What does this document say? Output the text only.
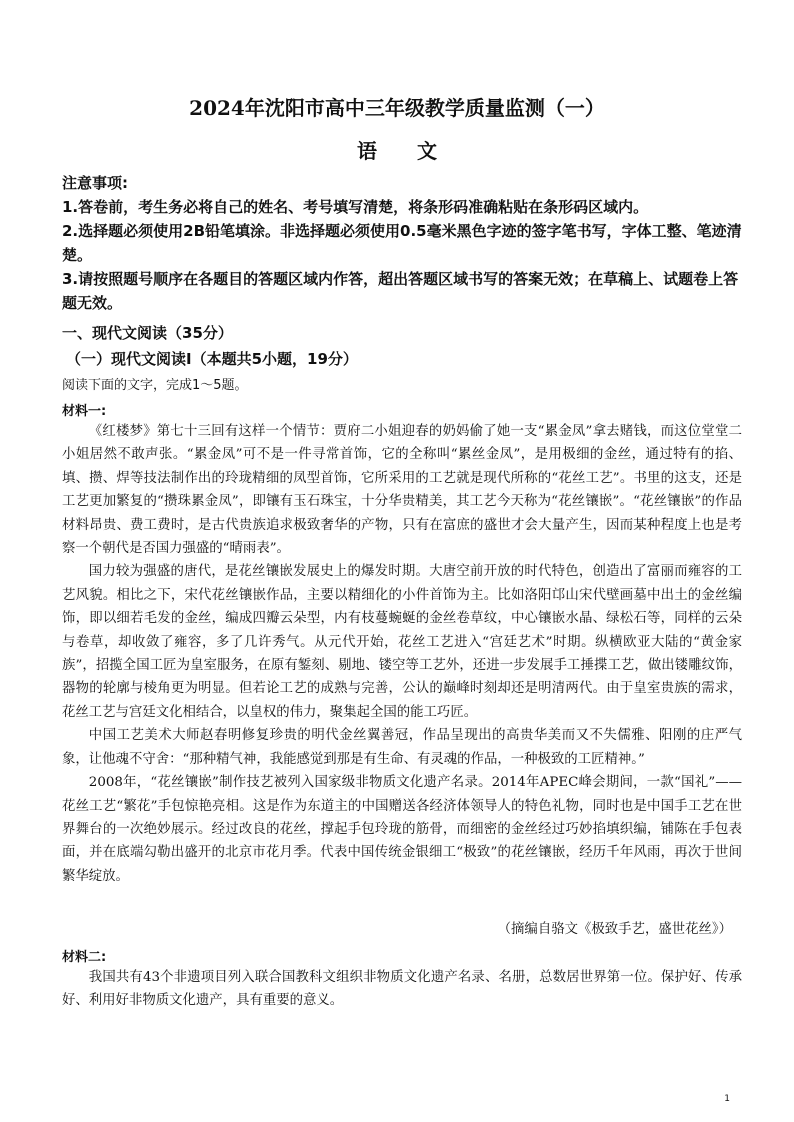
2024年沈阳市高中三年级教学质量监测（一）
语　　文
注意事项:
1.答卷前，考生务必将自己的姓名、考号填写清楚，将条形码准确粘贴在条形码区域内。
2.选择题必须使用2B铅笔填涂。非选择题必须使用0.5毫米黑色字迹的签字笔书写，字体工整、笔迹清楚。
3.请按照题号顺序在各题目的答题区域内作答，超出答题区域书写的答案无效；在草稿上、试题卷上答题无效。
一、现代文阅读（35分）
（一）现代文阅读Ⅰ（本题共5小题，19分）
阅读下面的文字，完成1～5题。
材料一:

《红楼梦》第七十三回有这样一个情节：贾府二小姐迎春的奶妈偷了她一支“累金凤”拿去赌钱，而这位堂堂二小姐居然不敢声张。“累金凤”可不是一件寻常首饰，它的全称叫“累丝金凤”，是用极细的金丝，通过特有的掐、填、攒、焊等技法制作出的玲珑精细的凤型首饰，它所采用的工艺就是现代所称的“花丝工艺”。书里的这支，还是工艺更加繁复的“攒珠累金凤”，即镶有玉石珠宝，十分华贵精美，其工艺今天称为“花丝镶嵌”。“花丝镶嵌”的作品材料昂贵、费工费时，是古代贵族追求极致奢华的产物，只有在富庶的盛世才会大量产生，因而某种程度上也是考察一个朝代是否国力强盛的“晴雨表”。

国力较为强盛的唐代，是花丝镶嵌发展史上的爆发时期。大唐空前开放的时代特色，创造出了富丽而雍容的工艺风貌。相比之下，宋代花丝镶嵌作品，主要以精细化的小件首饰为主。比如洛阳邙山宋代壁画墓中出土的金丝编饰，即以细若毛发的金丝，编成四瓣云朵型，内有枝蔓蜿蜒的金丝卷草纹，中心镶嵌水晶、绿松石等，同样的云朵与卷草，却收敛了雍容，多了几许秀气。从元代开始，花丝工艺进入“宫廷艺术”时期。纵横欧亚大陆的“黄金家族”，招揽全国工匠为皇室服务，在原有錾刻、剔地、镂空等工艺外，还进一步发展手工捶揲工艺，做出镂雕纹饰，器物的轮廓与棱角更为明显。但若论工艺的成熟与完善，公认的巅峰时刻却还是明清两代。由于皇室贵族的需求，花丝工艺与宫廷文化相结合，以皇权的伟力，聚集起全国的能工巧匠。

中国工艺美术大师赵春明修复珍贵的明代金丝翼善冠，作品呈现出的高贵华美而又不失儒雅、阳刚的庄严气象，让他魂不守舍：“那种精气神，我能感觉到那是有生命、有灵魂的作品，一种极致的工匠精神。”

2008年，“花丝镶嵌”制作技艺被列入国家级非物质文化遗产名录。2014年APEC峰会期间，一款“国礼”——花丝工艺“繁花”手包惊艳亮相。这是作为东道主的中国赠送各经济体领导人的特色礼物，同时也是中国手工艺在世界舞台的一次绝妙展示。经过改良的花丝，撑起手包玲珑的筋骨，而细密的金丝经过巧妙掐填织编，铺陈在手包表面，并在底端勾勒出盛开的北京市花月季。代表中国传统金银细工“极致”的花丝镶嵌，经历千年风雨，再次于世间繁华绽放。

（摘编自骆文《极致手艺，盛世花丝》）
材料二:

我国共有43个非遗项目列入联合国教科文组织非物质文化遗产名录、名册，总数居世界第一位。保护好、传承好、利用好非物质文化遗产，具有重要的意义。

1
